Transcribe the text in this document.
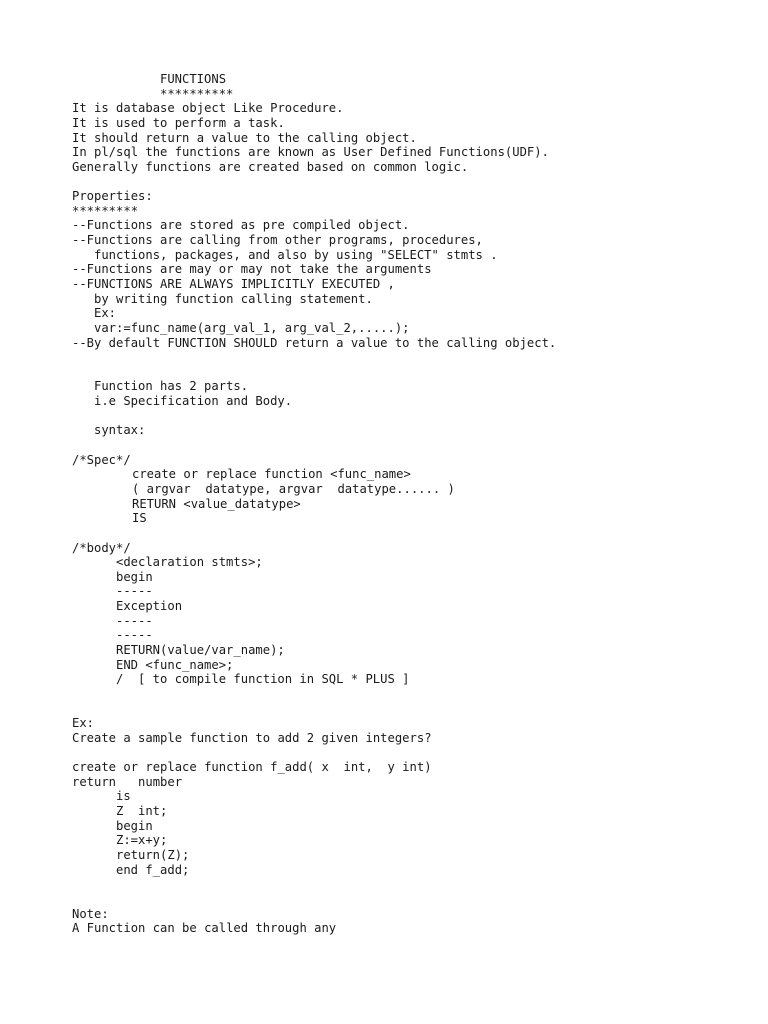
FUNCTIONS
**********
It is database object Like Procedure.
It is used to perform a task.
It should return a value to the calling object.
In pl/sql the functions are known as User Defined Functions(UDF).
Generally functions are created based on common logic.
Properties:
*********
--Functions are stored as pre compiled object.
--Functions are calling from other programs, procedures,
functions, packages, and also by using "SELECT" stmts .
--Functions are may or may not take the arguments
--FUNCTIONS ARE ALWAYS IMPLICITLY EXECUTED ,
by writing function calling statement.
Ex:
var:=func_name(arg_val_1, arg_val_2,.....);
--By default FUNCTION SHOULD return a value to the calling object.
Function has 2 parts.
i.e Specification and Body.
syntax:
/*Spec*/
create or replace function <func_name>
( argvar  datatype, argvar  datatype...... )
RETURN <value_datatype>
IS
/*body*/
<declaration stmts>;
begin
-----
Exception
-----
-----
RETURN(value/var_name);
END <func_name>;
/  [ to compile function in SQL * PLUS ]
Ex:
Create a sample function to add 2 given integers?
create or replace function f_add( x  int,  y int)
return   number
is
Z  int;
begin
Z:=x+y;
return(Z);
end f_add;
Note:
A Function can be called through any
